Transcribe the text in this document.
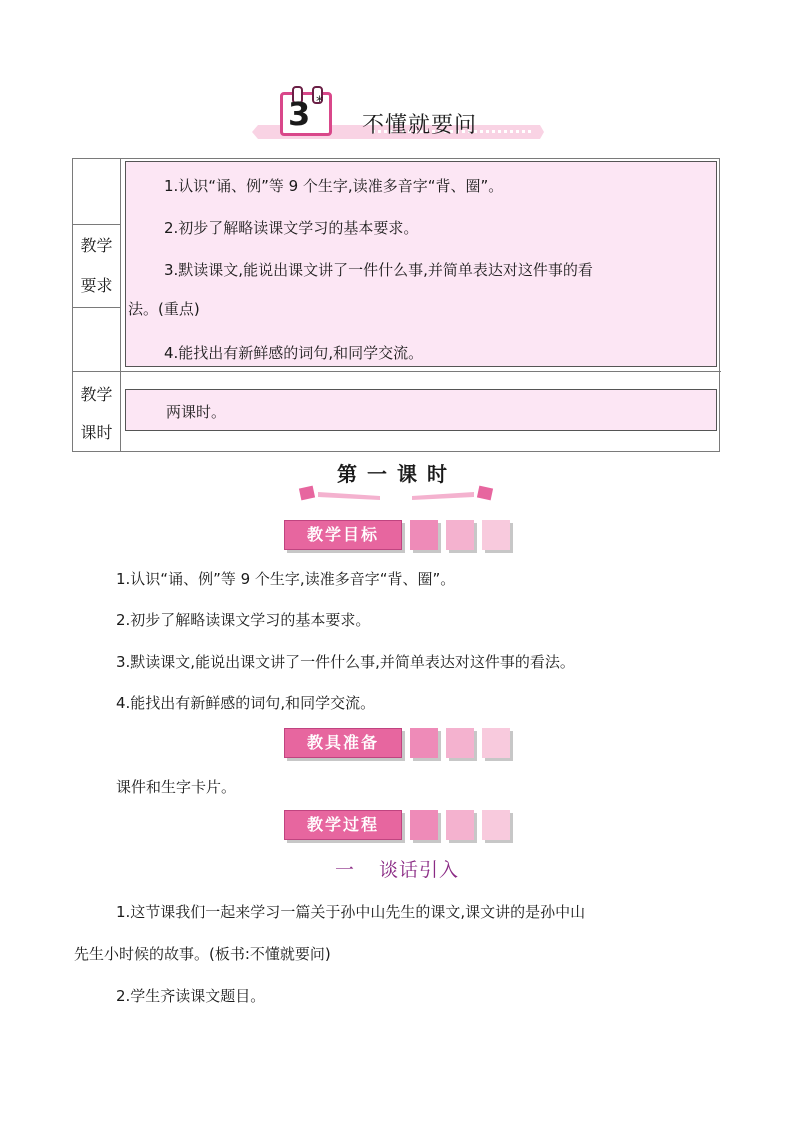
3 *
不懂就要问
教学
要求
1.认识“诵、例”等 9 个生字,读准多音字“背、圈”。
2.初步了解略读课文学习的基本要求。
3.默读课文,能说出课文讲了一件什么事,并简单表达对这件事的看
法。(重点)
4.能找出有新鲜感的词句,和同学交流。
教学
课时
两课时。
第一课时
教学目标
1.认识“诵、例”等 9 个生字,读准多音字“背、圈”。
2.初步了解略读课文学习的基本要求。
3.默读课文,能说出课文讲了一件什么事,并简单表达对这件事的看法。
4.能找出有新鲜感的词句,和同学交流。
教具准备
课件和生字卡片。
教学过程
一 谈话引入
1.这节课我们一起来学习一篇关于孙中山先生的课文,课文讲的是孙中山
先生小时候的故事。(板书:不懂就要问)
2.学生齐读课文题目。
